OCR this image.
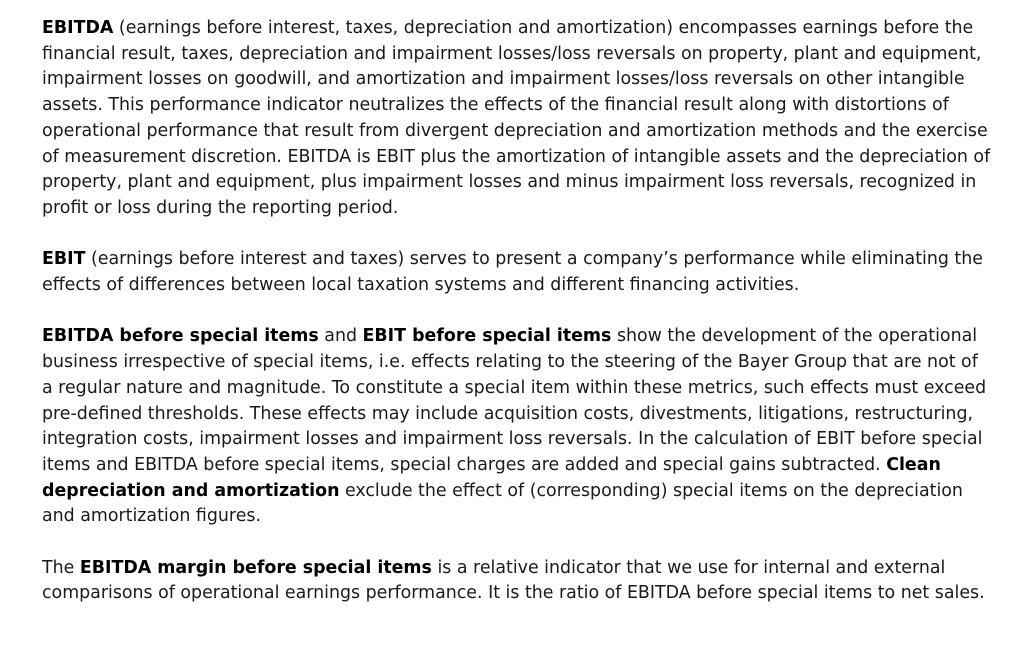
EBITDA (earnings before interest, taxes, depreciation and amortization) encompasses earnings before the financial result, taxes, depreciation and impairment losses/loss reversals on property, plant and equipment, impairment losses on goodwill, and amortization and impairment losses/loss reversals on other intangible assets. This performance indicator neutralizes the effects of the financial result along with distortions of operational performance that result from divergent depreciation and amortization methods and the exercise of measurement discretion. EBITDA is EBIT plus the amortization of intangible assets and the depreciation of property, plant and equipment, plus impairment losses and minus impairment loss reversals, recognized in profit or loss during the reporting period.

EBIT (earnings before interest and taxes) serves to present a company’s performance while eliminating the effects of differences between local taxation systems and different financing activities.

EBITDA before special items and EBIT before special items show the development of the operational business irrespective of special items, i.e. effects relating to the steering of the Bayer Group that are not of a regular nature and magnitude. To constitute a special item within these metrics, such effects must exceed pre-defined thresholds. These effects may include acquisition costs, divestments, litigations, restructuring, integration costs, impairment losses and impairment loss reversals. In the calculation of EBIT before special items and EBITDA before special items, special charges are added and special gains subtracted. Clean depreciation and amortization exclude the effect of (corresponding) special items on the depreciation and amortization figures.

The EBITDA margin before special items is a relative indicator that we use for internal and external comparisons of operational earnings performance. It is the ratio of EBITDA before special items to net sales.
